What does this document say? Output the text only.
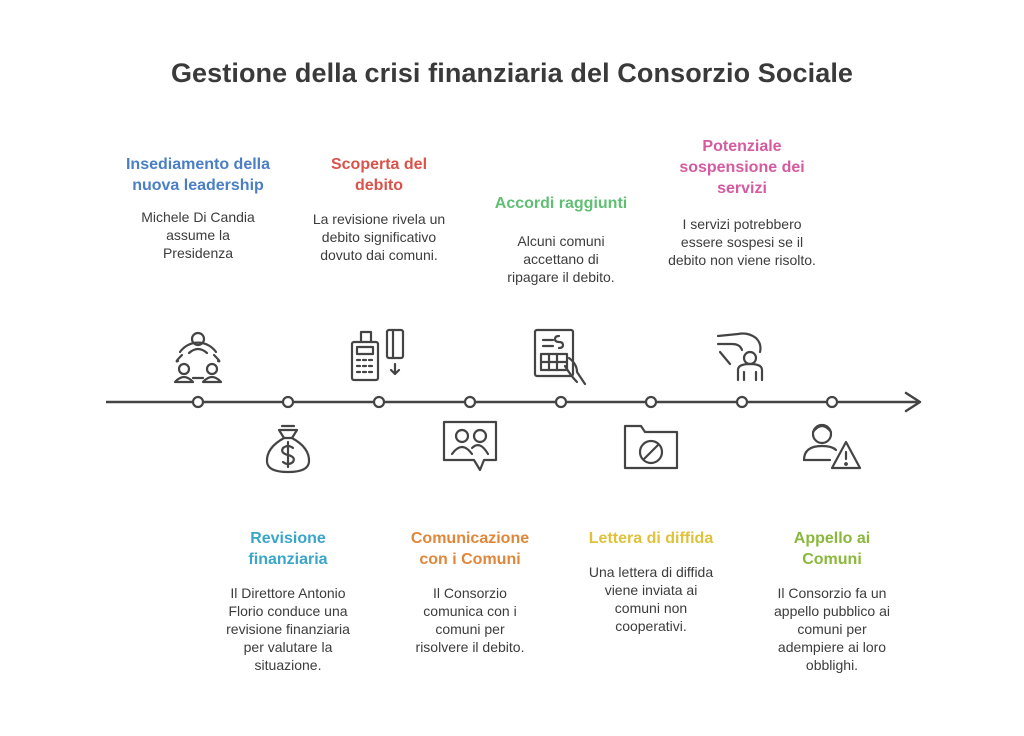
Gestione della crisi finanziaria del Consorzio Sociale
Insediamento della nuova leadership
Michele Di Candia assume la Presidenza
Revisione finanziaria
Il Direttore Antonio Florio conduce una revisione finanziaria per valutare la situazione.
Scoperta del debito
La revisione rivela un debito significativo dovuto dai comuni.
Comunicazione con i Comuni
Il Consorzio comunica con i comuni per risolvere il debito.
Accordi raggiunti
Alcuni comuni accettano di ripagare il debito.
Lettera di diffida
Una lettera di diffida viene inviata ai comuni non cooperativi.
Potenziale sospensione dei servizi
I servizi potrebbero essere sospesi se il debito non viene risolto.
Appello ai Comuni
Il Consorzio fa un appello pubblico ai comuni per adempiere ai loro obblighi.
